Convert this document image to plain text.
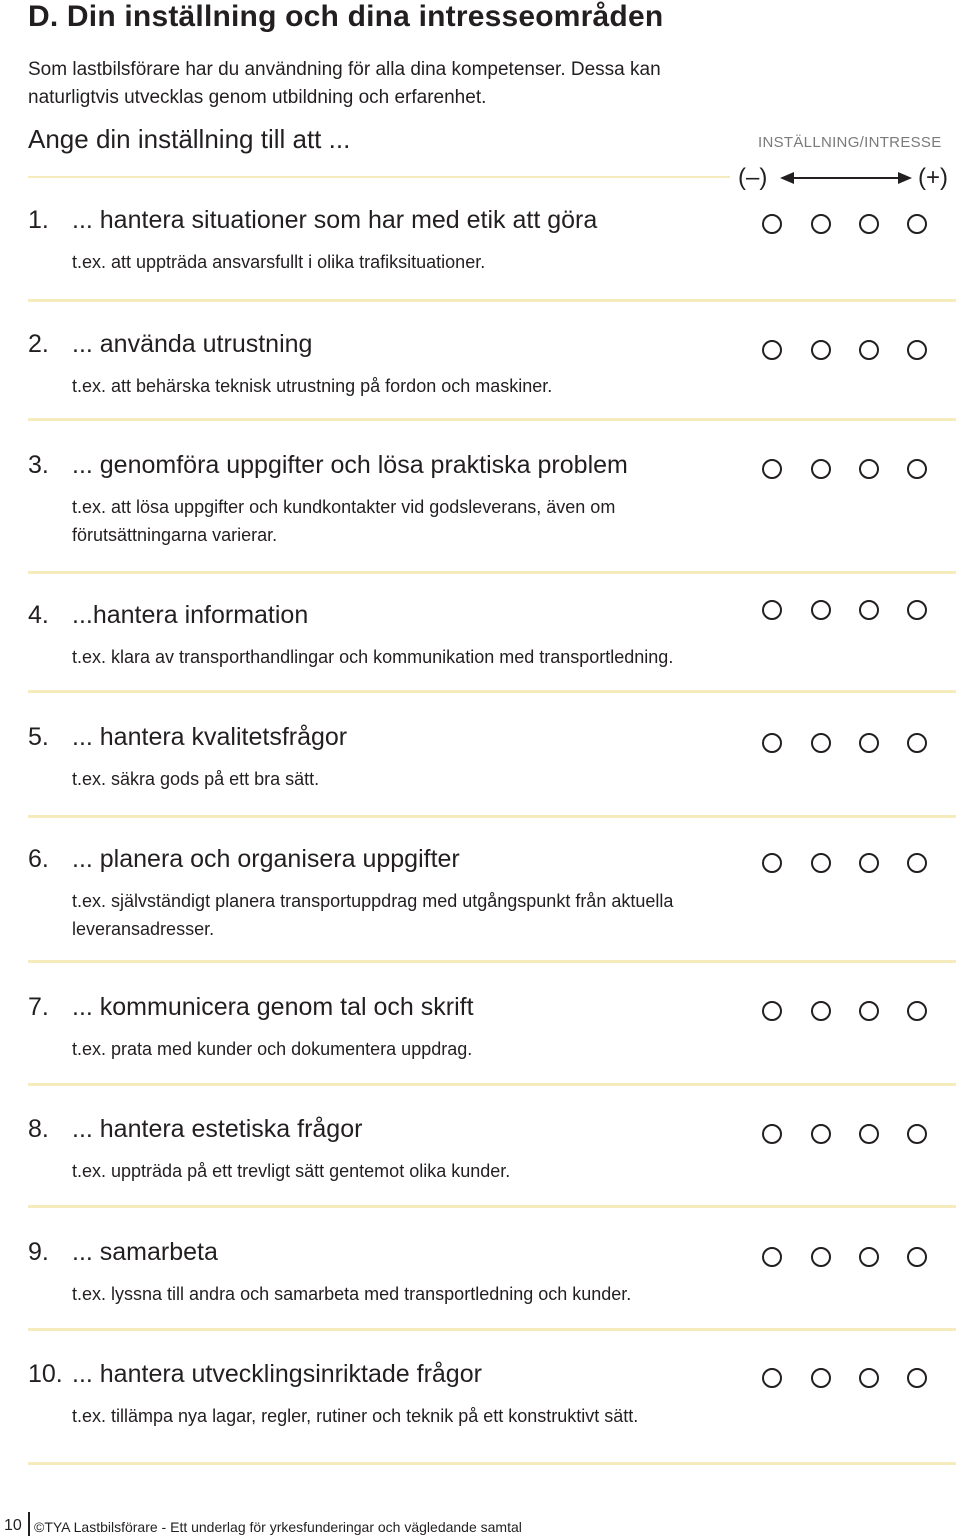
D. Din inställning och dina intresseområden
Som lastbilsförare har du användning för alla dina kompetenser. Dessa kan naturligtvis utvecklas genom utbildning och erfarenhet.
Ange din inställning till att ...	INSTÄLLNING/INTRESSE
(–)	(+)
1. ... hantera situationer som har med etik att göra
t.ex. att uppträda ansvarsfullt i olika trafiksituationer.
2. ... använda utrustning
t.ex. att behärska teknisk utrustning på fordon och maskiner.
3. ... genomföra uppgifter och lösa praktiska problem
t.ex. att lösa uppgifter och kundkontakter vid godsleverans, även om förutsättningarna varierar.
4. ...hantera information
t.ex. klara av transporthandlingar och kommunikation med transportledning.
5. ... hantera kvalitetsfrågor
t.ex. säkra gods på ett bra sätt.
6. ... planera och organisera uppgifter
t.ex. självständigt planera transportuppdrag med utgångspunkt från aktuella leveransadresser.
7. ... kommunicera genom tal och skrift
t.ex. prata med kunder och dokumentera uppdrag.
8. ... hantera estetiska frågor
t.ex. uppträda på ett trevligt sätt gentemot olika kunder.
9. ... samarbeta
t.ex. lyssna till andra och samarbeta med transportledning och kunder.
10. ... hantera utvecklingsinriktade frågor
t.ex. tillämpa nya lagar, regler, rutiner och teknik på ett konstruktivt sätt.
10 ©TYA Lastbilsförare - Ett underlag för yrkesfunderingar och vägledande samtal
